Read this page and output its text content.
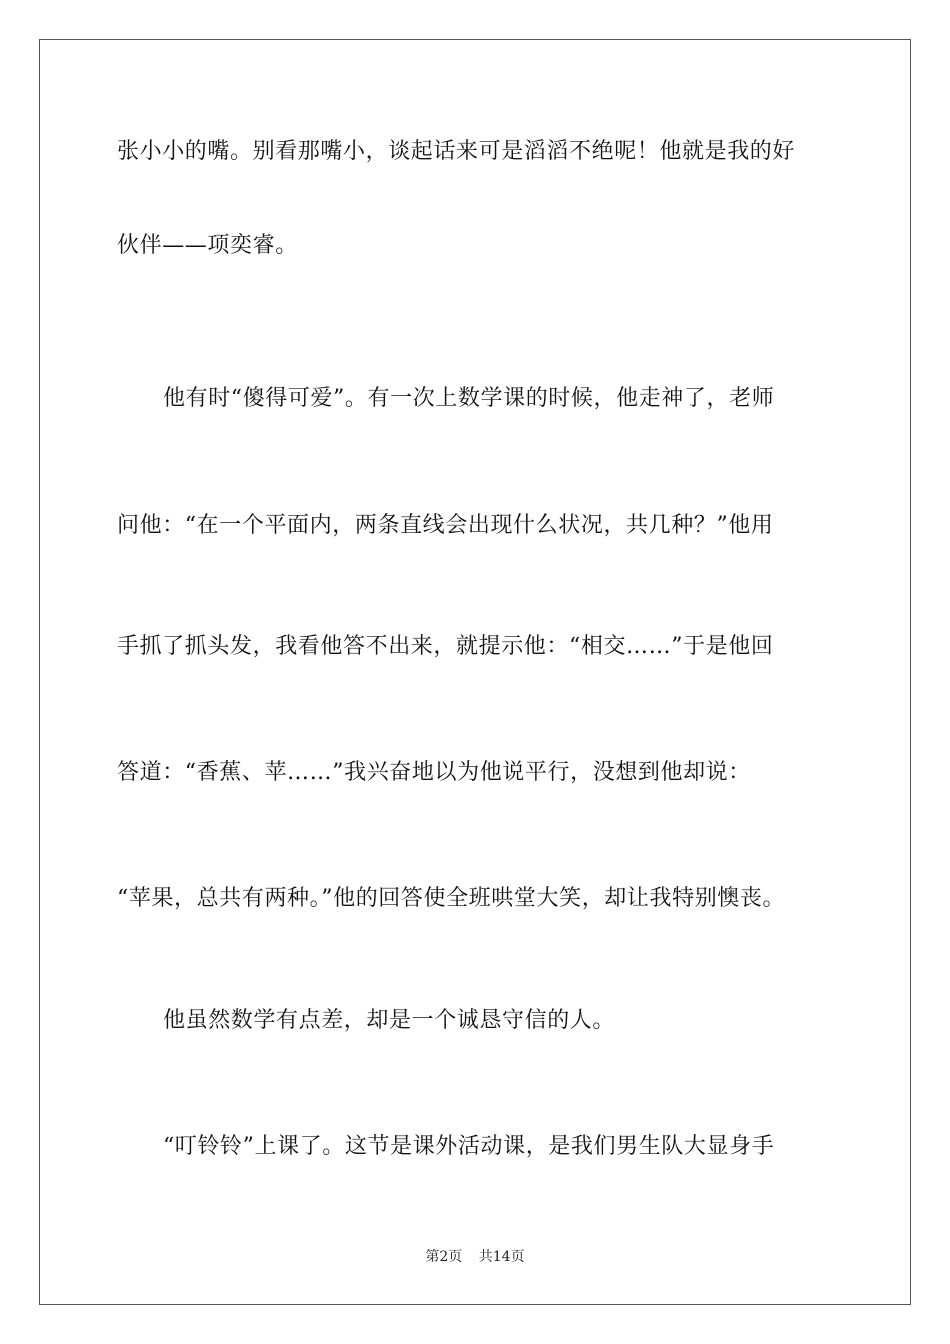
张小小的嘴。别看那嘴小，谈起话来可是滔滔不绝呢！他就是我的好
伙伴——项奕睿。
他有时“傻得可爱”。有一次上数学课的时候，他走神了，老师
问他：“在一个平面内，两条直线会出现什么状况，共几种？”他用
手抓了抓头发，我看他答不出来，就提示他：“相交……”于是他回
答道：“香蕉、苹……”我兴奋地以为他说平行，没想到他却说：
“苹果，总共有两种。”他的回答使全班哄堂大笑，却让我特别懊丧。
他虽然数学有点差，却是一个诚恳守信的人。
“叮铃铃”上课了。这节是课外活动课，是我们男生队大显身手
第2页 共14页
